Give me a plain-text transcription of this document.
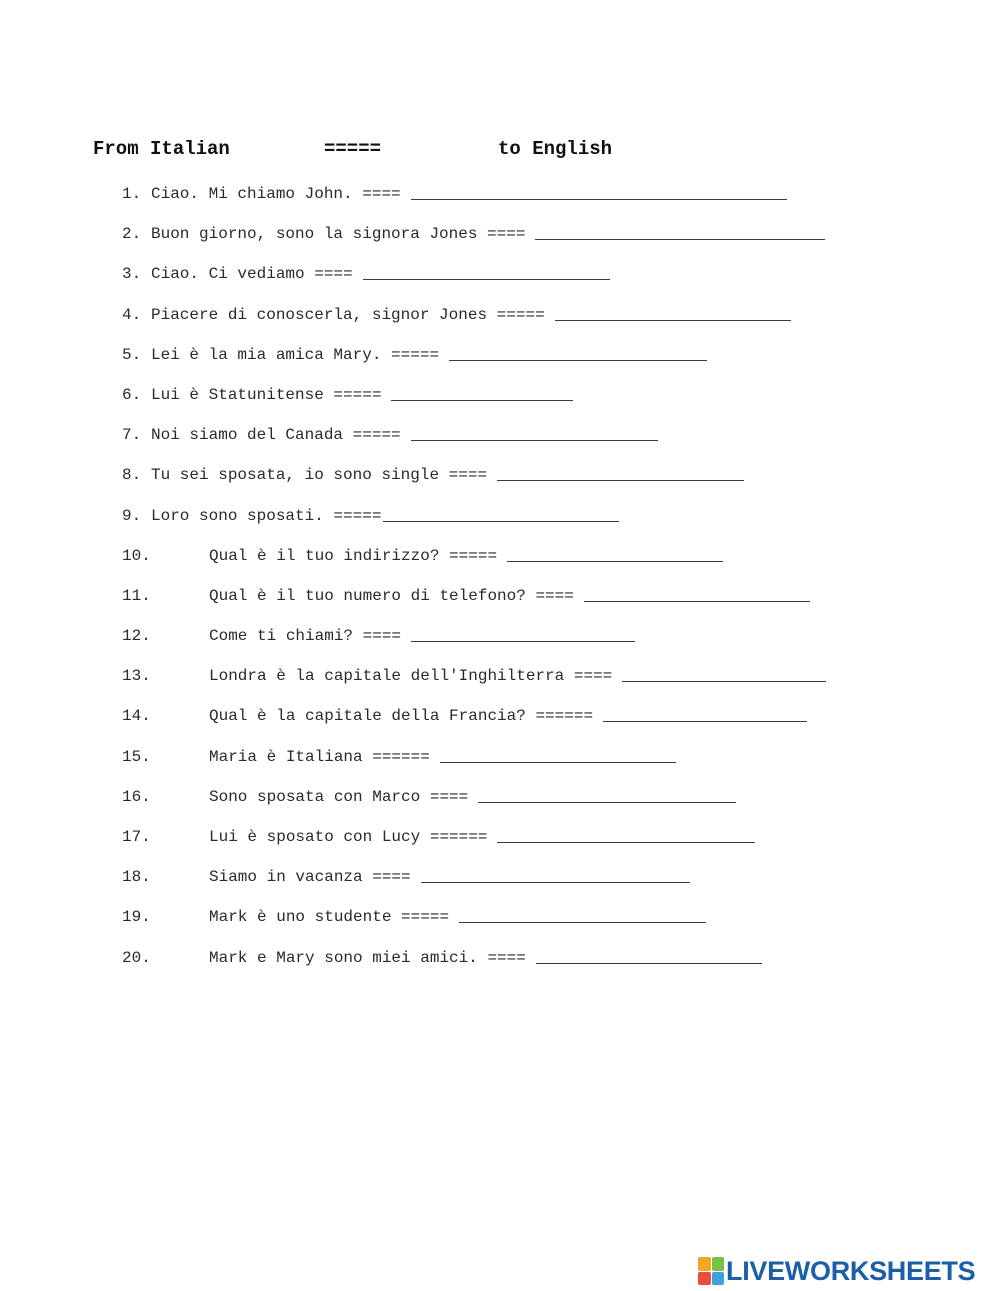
From Italian	=====	to English
1. Ciao. Mi chiamo John. ====
2. Buon giorno, sono la signora Jones ====
3. Ciao. Ci vediamo ====
4. Piacere di conoscerla, signor Jones =====
5. Lei è la mia amica Mary. =====
6. Lui è Statunitense =====
7. Noi siamo del Canada =====
8. Tu sei sposata, io sono single ====
9. Loro sono sposati. =====
10.	Qual è il tuo indirizzo? =====
11.	Qual è il tuo numero di telefono? ====
12.	Come ti chiami? ====
13.	Londra è la capitale dell'Inghilterra ====
14.	Qual è la capitale della Francia? ======
15.	Maria è Italiana ======
16.	Sono sposata con Marco ====
17.	Lui è sposato con Lucy ======
18.	Siamo in vacanza ====
19.	Mark è uno studente =====
20.	Mark e Mary sono miei amici. ====
LIVEWORKSHEETS
